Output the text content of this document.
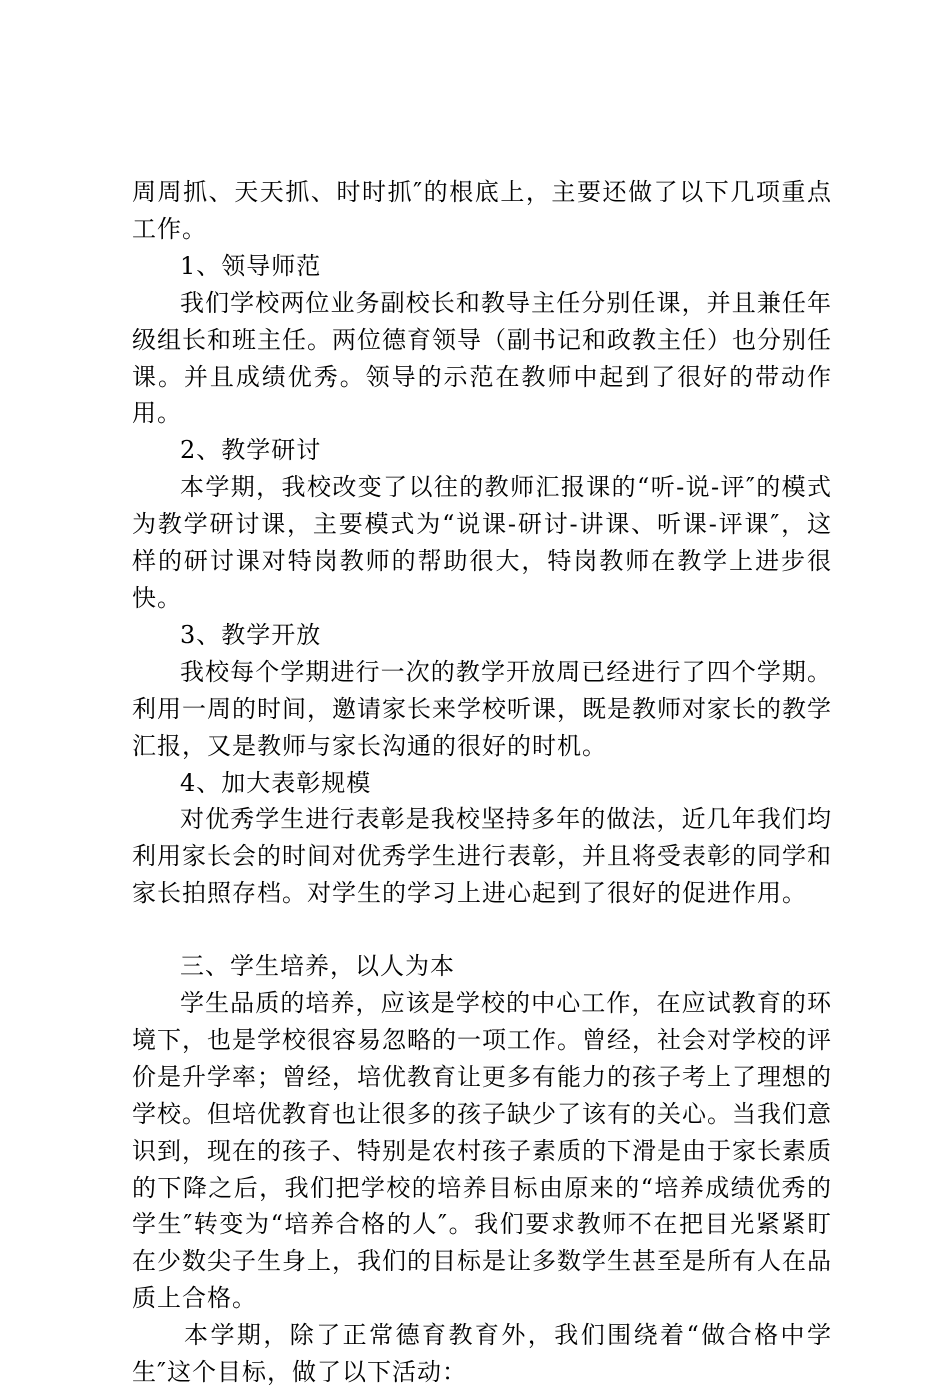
周周抓、天天抓、时时抓″的根底上，主要还做了以下几项重点工作。

1、领导师范

我们学校两位业务副校长和教导主任分别任课，并且兼任年级组长和班主任。两位德育领导（副书记和政教主任）也分别任课。并且成绩优秀。领导的示范在教师中起到了很好的带动作用。

2、教学研讨

本学期，我校改变了以往的教师汇报课的“听-说-评″的模式为教学研讨课，主要模式为“说课-研讨-讲课、听课-评课″，这样的研讨课对特岗教师的帮助很大，特岗教师在教学上进步很快。

3、教学开放

我校每个学期进行一次的教学开放周已经进行了四个学期。利用一周的时间，邀请家长来学校听课，既是教师对家长的教学汇报，又是教师与家长沟通的很好的时机。

4、加大表彰规模

对优秀学生进行表彰是我校坚持多年的做法，近几年我们均利用家长会的时间对优秀学生进行表彰，并且将受表彰的同学和家长拍照存档。对学生的学习上进心起到了很好的促进作用。

三、学生培养，以人为本

学生品质的培养，应该是学校的中心工作，在应试教育的环境下，也是学校很容易忽略的一项工作。曾经，社会对学校的评价是升学率；曾经，培优教育让更多有能力的孩子考上了理想的学校。但培优教育也让很多的孩子缺少了该有的关心。当我们意识到，现在的孩子、特别是农村孩子素质的下滑是由于家长素质的下降之后，我们把学校的培养目标由原来的“培养成绩优秀的学生″转变为“培养合格的人″。我们要求教师不在把目光紧紧盯在少数尖子生身上，我们的目标是让多数学生甚至是所有人在品质上合格。

本学期，除了正常德育教育外，我们围绕着“做合格中学生″这个目标，做了以下活动：
